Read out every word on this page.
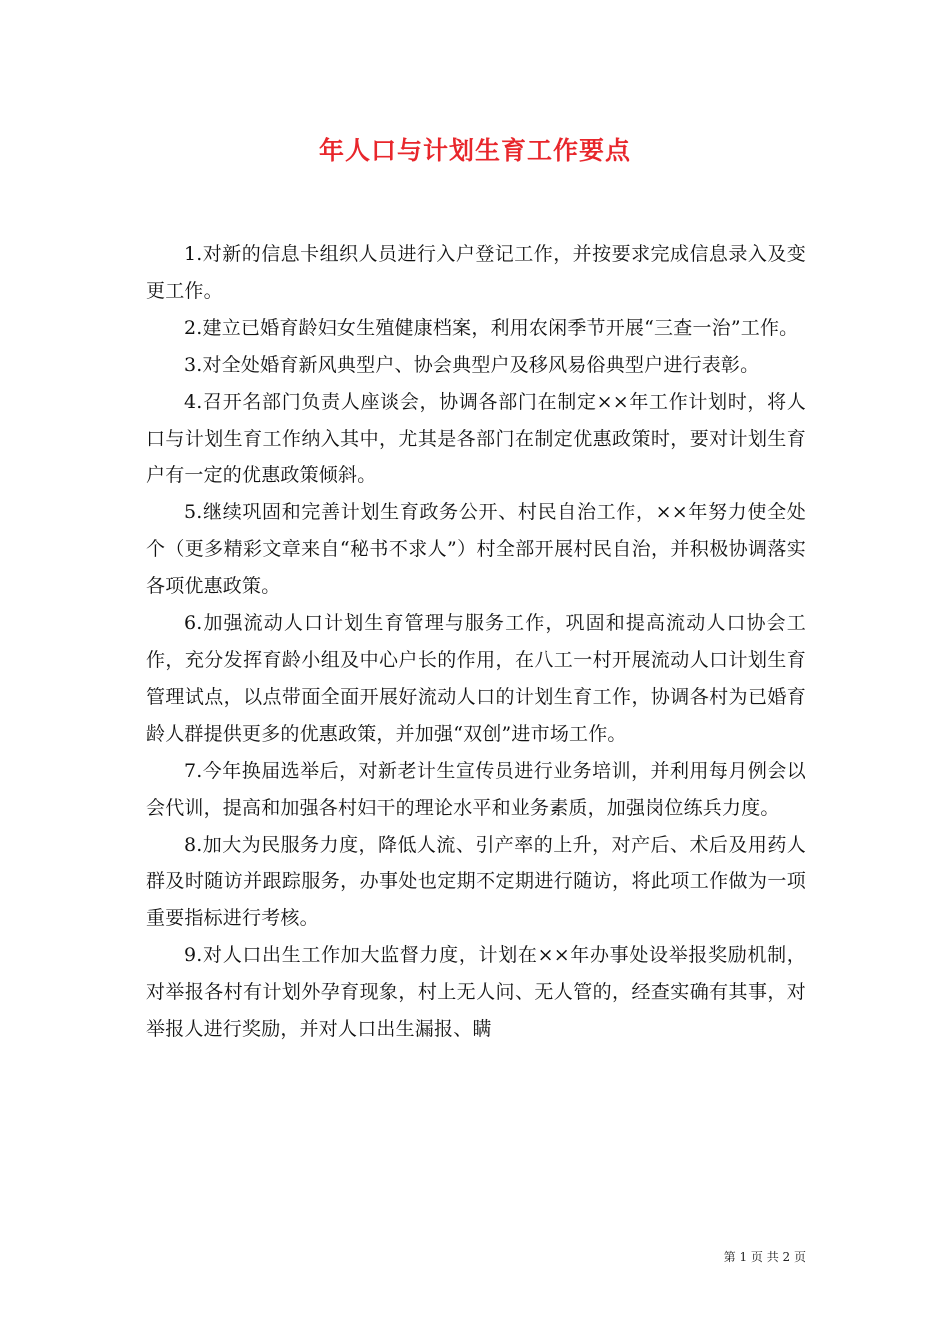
年人口与计划生育工作要点

1.对新的信息卡组织人员进行入户登记工作，并按要求完成信息录入及变更工作。

2.建立已婚育龄妇女生殖健康档案，利用农闲季节开展“三查一治”工作。

3.对全处婚育新风典型户、协会典型户及移风易俗典型户进行表彰。

4.召开名部门负责人座谈会，协调各部门在制定××年工作计划时，将人口与计划生育工作纳入其中，尤其是各部门在制定优惠政策时，要对计划生育户有一定的优惠政策倾斜。

5.继续巩固和完善计划生育政务公开、村民自治工作，××年努力使全处个（更多精彩文章来自“秘书不求人”）村全部开展村民自治，并积极协调落实各项优惠政策。

6.加强流动人口计划生育管理与服务工作，巩固和提高流动人口协会工作，充分发挥育龄小组及中心户长的作用，在八工一村开展流动人口计划生育管理试点，以点带面全面开展好流动人口的计划生育工作，协调各村为已婚育龄人群提供更多的优惠政策，并加强“双创”进市场工作。

7.今年换届选举后，对新老计生宣传员进行业务培训，并利用每月例会以会代训，提高和加强各村妇干的理论水平和业务素质，加强岗位练兵力度。

8.加大为民服务力度，降低人流、引产率的上升，对产后、术后及用药人群及时随访并跟踪服务，办事处也定期不定期进行随访，将此项工作做为一项重要指标进行考核。

9.对人口出生工作加大监督力度，计划在××年办事处设举报奖励机制，对举报各村有计划外孕育现象，村上无人问、无人管的，经查实确有其事，对举报人进行奖励，并对人口出生漏报、瞒

第 1 页 共 2 页
